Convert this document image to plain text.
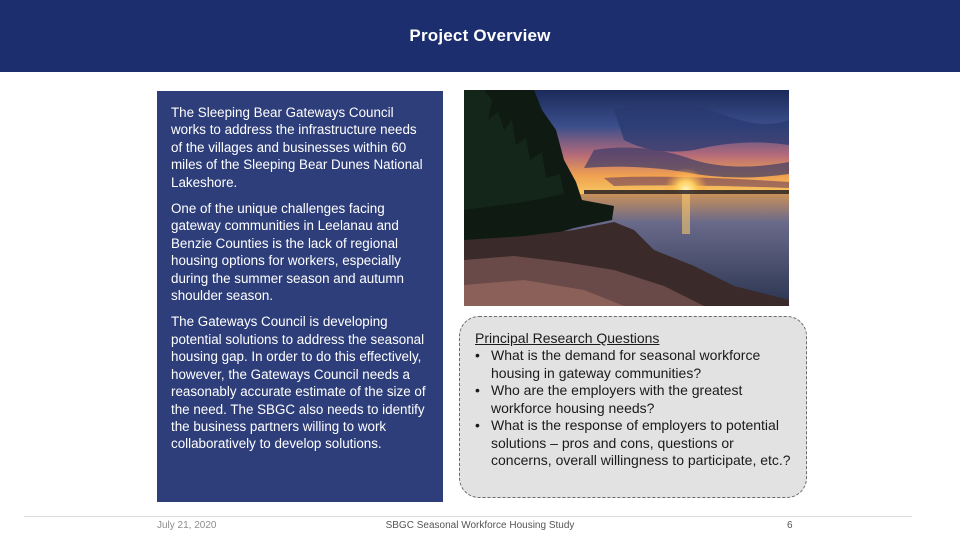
Project Overview

The Sleeping Bear Gateways Council works to address the infrastructure needs of the villages and businesses within 60 miles of the Sleeping Bear Dunes National Lakeshore.

One of the unique challenges facing gateway communities in Leelanau and Benzie Counties is the lack of regional housing options for workers, especially during the summer season and autumn shoulder season.

The Gateways Council is developing potential solutions to address the seasonal housing gap. In order to do this effectively, however, the Gateways Council needs a reasonably accurate estimate of the size of the need. The SBGC also needs to identify the business partners willing to work collaboratively to develop solutions.

Principal Research Questions
• What is the demand for seasonal workforce housing in gateway communities?
• Who are the employers with the greatest workforce housing needs?
• What is the response of employers to potential solutions – pros and cons, questions or concerns, overall willingness to participate, etc.?
July 21, 2020	SBGC Seasonal Workforce Housing Study	6
